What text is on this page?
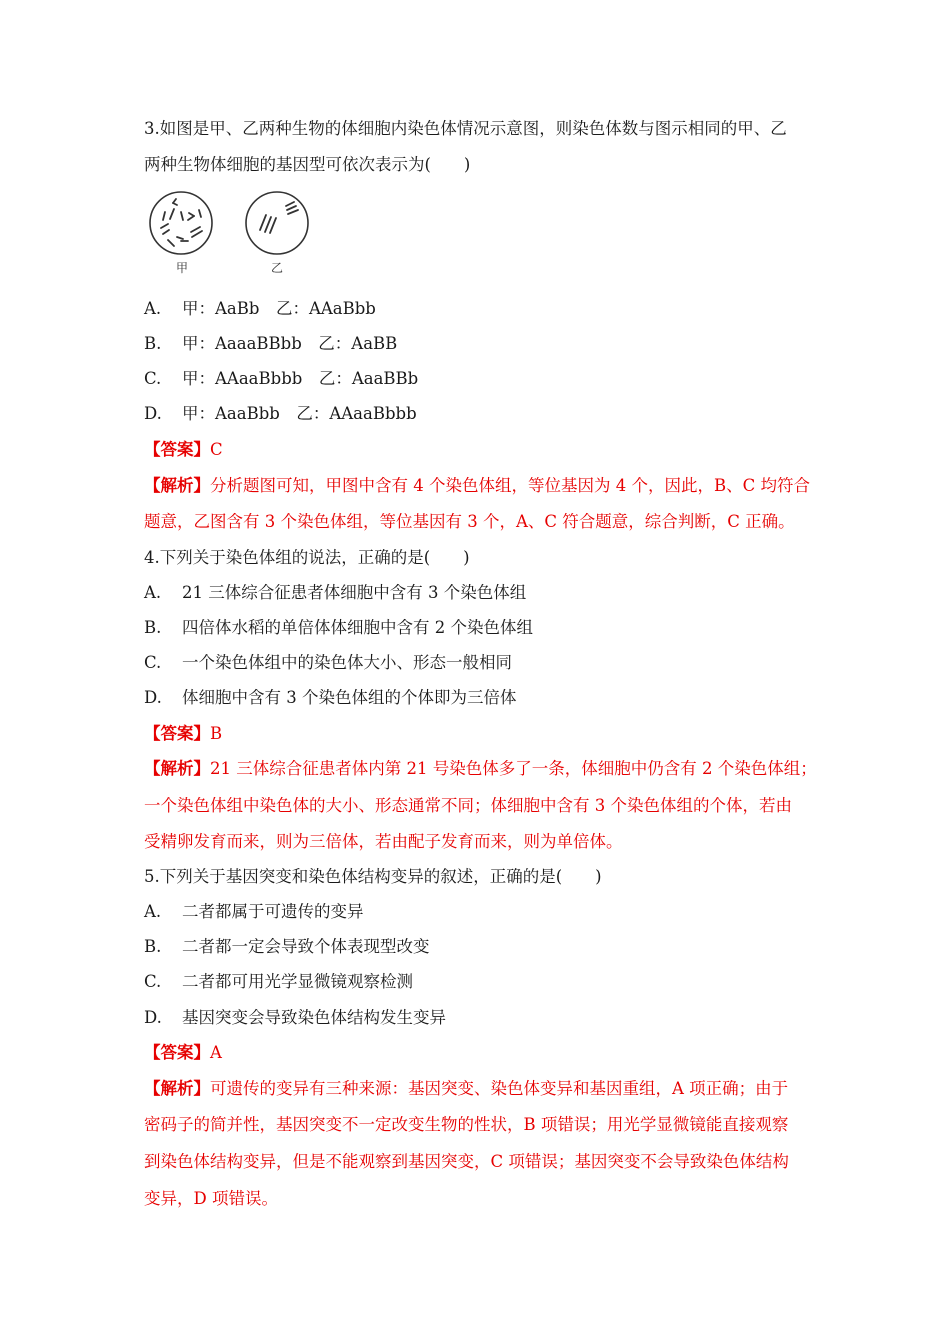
3.如图是甲、乙两种生物的体细胞内染色体情况示意图，则染色体数与图示相同的甲、乙
两种生物体细胞的基因型可依次表示为(　　)
甲	乙
A. 甲：AaBb　乙：AAaBbb
B. 甲：AaaaBBbb　乙：AaBB
C. 甲：AAaaBbbb　乙：AaaBBb
D. 甲：AaaBbb　乙：AAaaBbbb
【答案】C
【解析】分析题图可知，甲图中含有 4 个染色体组，等位基因为 4 个，因此，B、C 均符合
题意，乙图含有 3 个染色体组，等位基因有 3 个，A、C 符合题意，综合判断，C 正确。
4.下列关于染色体组的说法，正确的是(　　)
A. 21 三体综合征患者体细胞中含有 3 个染色体组
B. 四倍体水稻的单倍体体细胞中含有 2 个染色体组
C. 一个染色体组中的染色体大小、形态一般相同
D. 体细胞中含有 3 个染色体组的个体即为三倍体
【答案】B
【解析】21 三体综合征患者体内第 21 号染色体多了一条，体细胞中仍含有 2 个染色体组；
一个染色体组中染色体的大小、形态通常不同；体细胞中含有 3 个染色体组的个体，若由
受精卵发育而来，则为三倍体，若由配子发育而来，则为单倍体。
5.下列关于基因突变和染色体结构变异的叙述，正确的是(　　)
A. 二者都属于可遗传的变异
B. 二者都一定会导致个体表现型改变
C. 二者都可用光学显微镜观察检测
D. 基因突变会导致染色体结构发生变异
【答案】A
【解析】可遗传的变异有三种来源：基因突变、染色体变异和基因重组，A 项正确；由于
密码子的简并性，基因突变不一定改变生物的性状，B 项错误；用光学显微镜能直接观察
到染色体结构变异，但是不能观察到基因突变，C 项错误；基因突变不会导致染色体结构
变异，D 项错误。
